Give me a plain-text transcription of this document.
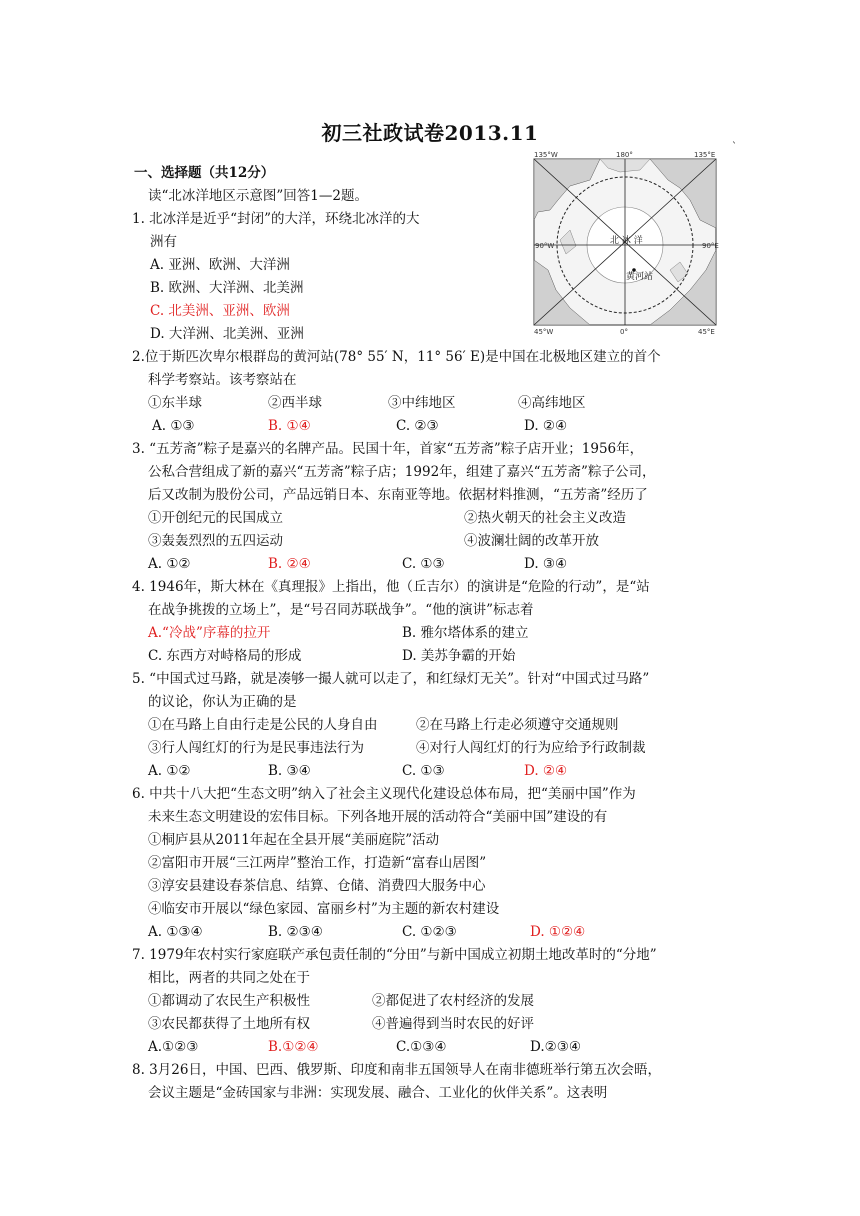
初三社政试卷2013.11
135°W	180°	135°E
90°W	90°E
45°W	0°	45°E
北 冰 洋
黄河站
`
一、选择题（共12分）
读“北冰洋地区示意图”回答1—2题。
1. 北冰洋是近乎“封闭”的大洋，环绕北冰洋的大
洲有
A. 亚洲、欧洲、大洋洲
B. 欧洲、大洋洲、北美洲
C. 北美洲、亚洲、欧洲
D. 大洋洲、北美洲、亚洲
2.位于斯匹次卑尔根群岛的黄河站(78° 55′ N，11° 56′ E)是中国在北极地区建立的首个
科学考察站。该考察站在
①东半球	②西半球	③中纬地区	④高纬地区
A. ①③	B. ①④	C. ②③	D. ②④
3. “五芳斋”粽子是嘉兴的名牌产品。民国十年，首家“五芳斋”粽子店开业；1956年，
公私合营组成了新的嘉兴“五芳斋”粽子店；1992年，组建了嘉兴“五芳斋”粽子公司，
后又改制为股份公司，产品远销日本、东南亚等地。依据材料推测，“五芳斋”经历了
①开创纪元的民国成立	②热火朝天的社会主义改造
③轰轰烈烈的五四运动	④波澜壮阔的改革开放
A. ①②	B. ②④	C. ①③	D. ③④
4. 1946年，斯大林在《真理报》上指出，他（丘吉尔）的演讲是“危险的行动”，是“站
在战争挑拨的立场上”，是“号召同苏联战争”。“他的演讲”标志着
A.“冷战”序幕的拉开	B. 雅尔塔体系的建立
C. 东西方对峙格局的形成	D. 美苏争霸的开始
5. “中国式过马路，就是凑够一撮人就可以走了，和红绿灯无关”。针对“中国式过马路”
的议论，你认为正确的是
①在马路上自由行走是公民的人身自由	②在马路上行走必须遵守交通规则
③行人闯红灯的行为是民事违法行为	④对行人闯红灯的行为应给予行政制裁
A. ①②	B. ③④	C. ①③	D. ②④
6. 中共十八大把“生态文明”纳入了社会主义现代化建设总体布局，把“美丽中国”作为
未来生态文明建设的宏伟目标。下列各地开展的活动符合“美丽中国”建设的有
①桐庐县从2011年起在全县开展“美丽庭院”活动
②富阳市开展“三江两岸”整治工作，打造新“富春山居图”
③淳安县建设春茶信息、结算、仓储、消费四大服务中心
④临安市开展以“绿色家园、富丽乡村”为主题的新农村建设
A. ①③④	B. ②③④	C. ①②③	D. ①②④
7. 1979年农村实行家庭联产承包责任制的“分田”与新中国成立初期土地改革时的“分地”
相比，两者的共同之处在于
①都调动了农民生产积极性	②都促进了农村经济的发展
③农民都获得了土地所有权	④普遍得到当时农民的好评
A.①②③	B.①②④	C.①③④	D.②③④
8. 3月26日，中国、巴西、俄罗斯、印度和南非五国领导人在南非德班举行第五次会晤，
会议主题是“金砖国家与非洲：实现发展、融合、工业化的伙伴关系”。这表明
